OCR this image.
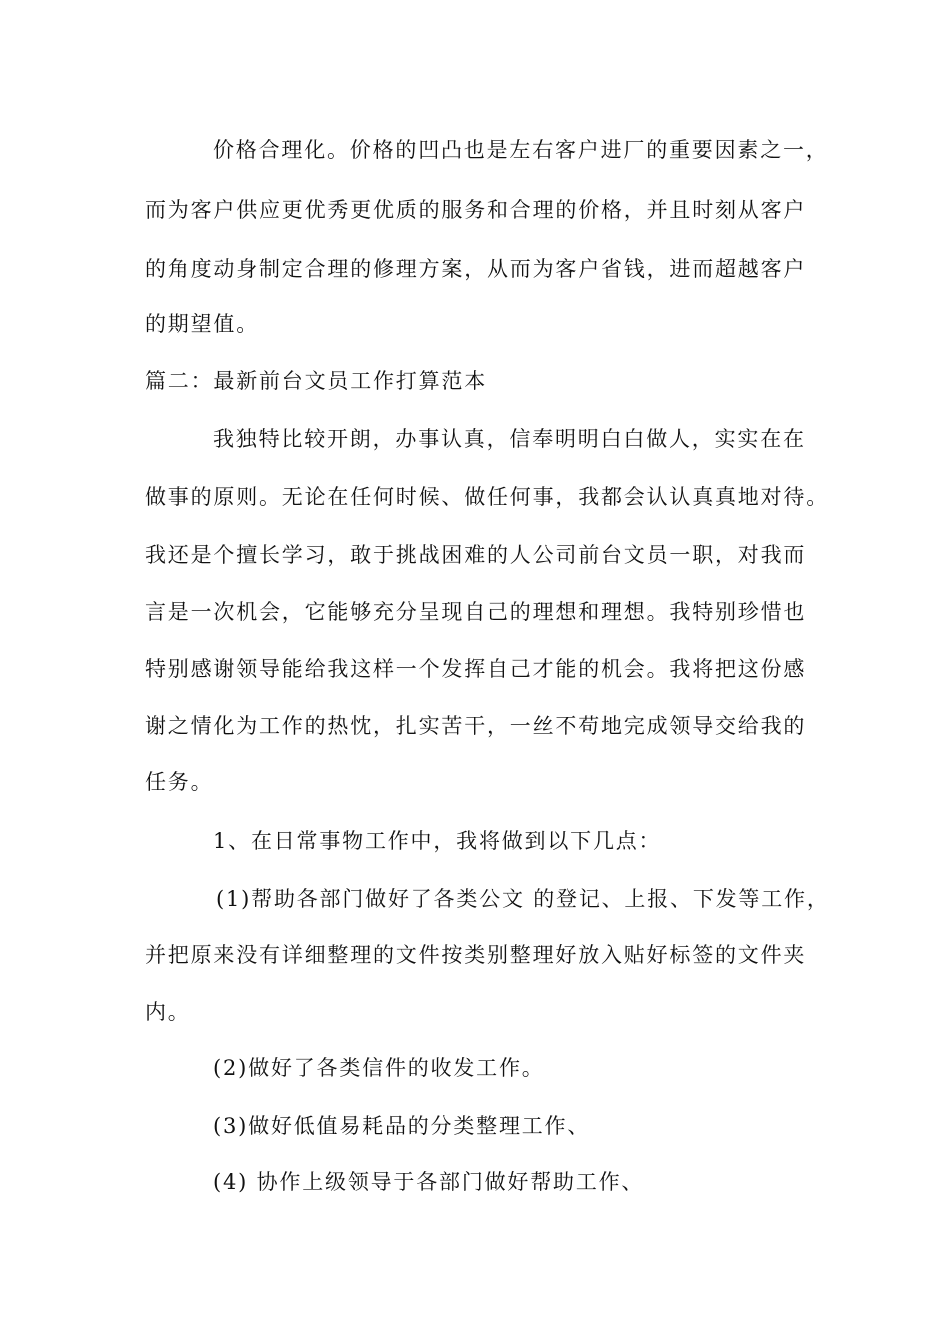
价格合理化。价格的凹凸也是左右客户进厂的重要因素之一，
而为客户供应更优秀更优质的服务和合理的价格，并且时刻从客户
的角度动身制定合理的修理方案，从而为客户省钱，进而超越客户
的期望值。
篇二：最新前台文员工作打算范本
我独特比较开朗，办事认真，信奉明明白白做人，实实在在
做事的原则。无论在任何时候、做任何事，我都会认认真真地对待。
我还是个擅长学习，敢于挑战困难的人公司前台文员一职，对我而
言是一次机会，它能够充分呈现自己的理想和理想。我特别珍惜也
特别感谢领导能给我这样一个发挥自己才能的机会。我将把这份感
谢之情化为工作的热忱，扎实苦干，一丝不苟地完成领导交给我的
任务。
1、在日常事物工作中，我将做到以下几点：
(1)帮助各部门做好了各类公文 的登记、上报、下发等工作，
并把原来没有详细整理的文件按类别整理好放入贴好标签的文件夹
内。
(2)做好了各类信件的收发工作。
(3)做好低值易耗品的分类整理工作、
(4) 协作上级领导于各部门做好帮助工作、
